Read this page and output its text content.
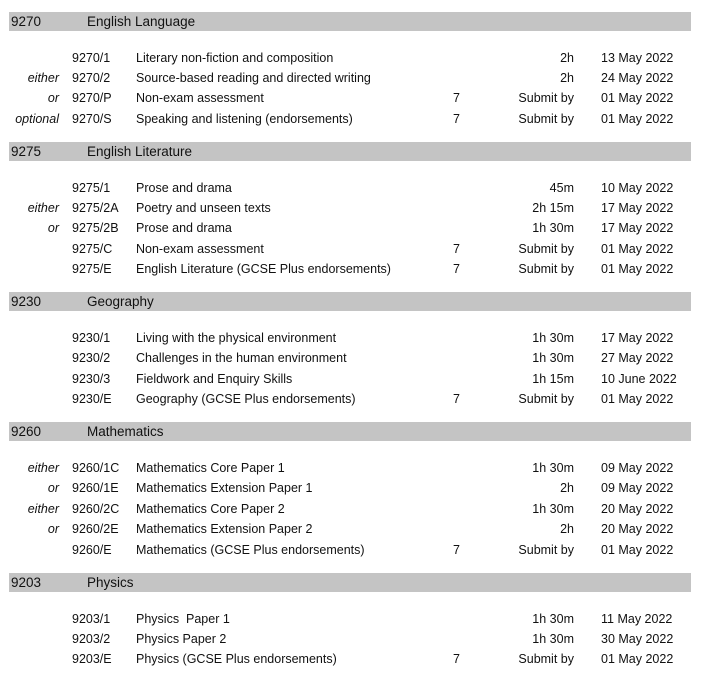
9270	English Language
9270/1 Literary non-fiction and composition	2h 13 May 2022
either 9270/2 Source-based reading and directed writing	2h 24 May 2022
or 9270/P Non-exam assessment	7	Submit by 01 May 2022
optional 9270/S Speaking and listening (endorsements)	7	Submit by 01 May 2022
9275	English Literature
9275/1 Prose and drama	45m 10 May 2022
either 9275/2A Poetry and unseen texts	2h 15m 17 May 2022
or 9275/2B Prose and drama	1h 30m 17 May 2022
9275/C Non-exam assessment	7	Submit by 01 May 2022
9275/E English Literature (GCSE Plus endorsements)	7	Submit by 01 May 2022
9230	Geography
9230/1 Living with the physical environment	1h 30m 17 May 2022
9230/2 Challenges in the human environment	1h 30m 27 May 2022
9230/3 Fieldwork and Enquiry Skills	1h 15m 10 June 2022
9230/E Geography (GCSE Plus endorsements)	7	Submit by 01 May 2022
9260	Mathematics
either 9260/1C Mathematics Core Paper 1	1h 30m 09 May 2022
or 9260/1E Mathematics Extension Paper 1	2h 09 May 2022
either 9260/2C Mathematics Core Paper 2	1h 30m 20 May 2022
or 9260/2E Mathematics Extension Paper 2	2h 20 May 2022
9260/E Mathematics (GCSE Plus endorsements)	7	Submit by 01 May 2022
9203	Physics
9203/1 Physics  Paper 1	1h 30m 11 May 2022
9203/2 Physics Paper 2	1h 30m 30 May 2022
9203/E Physics (GCSE Plus endorsements)	7	Submit by 01 May 2022
